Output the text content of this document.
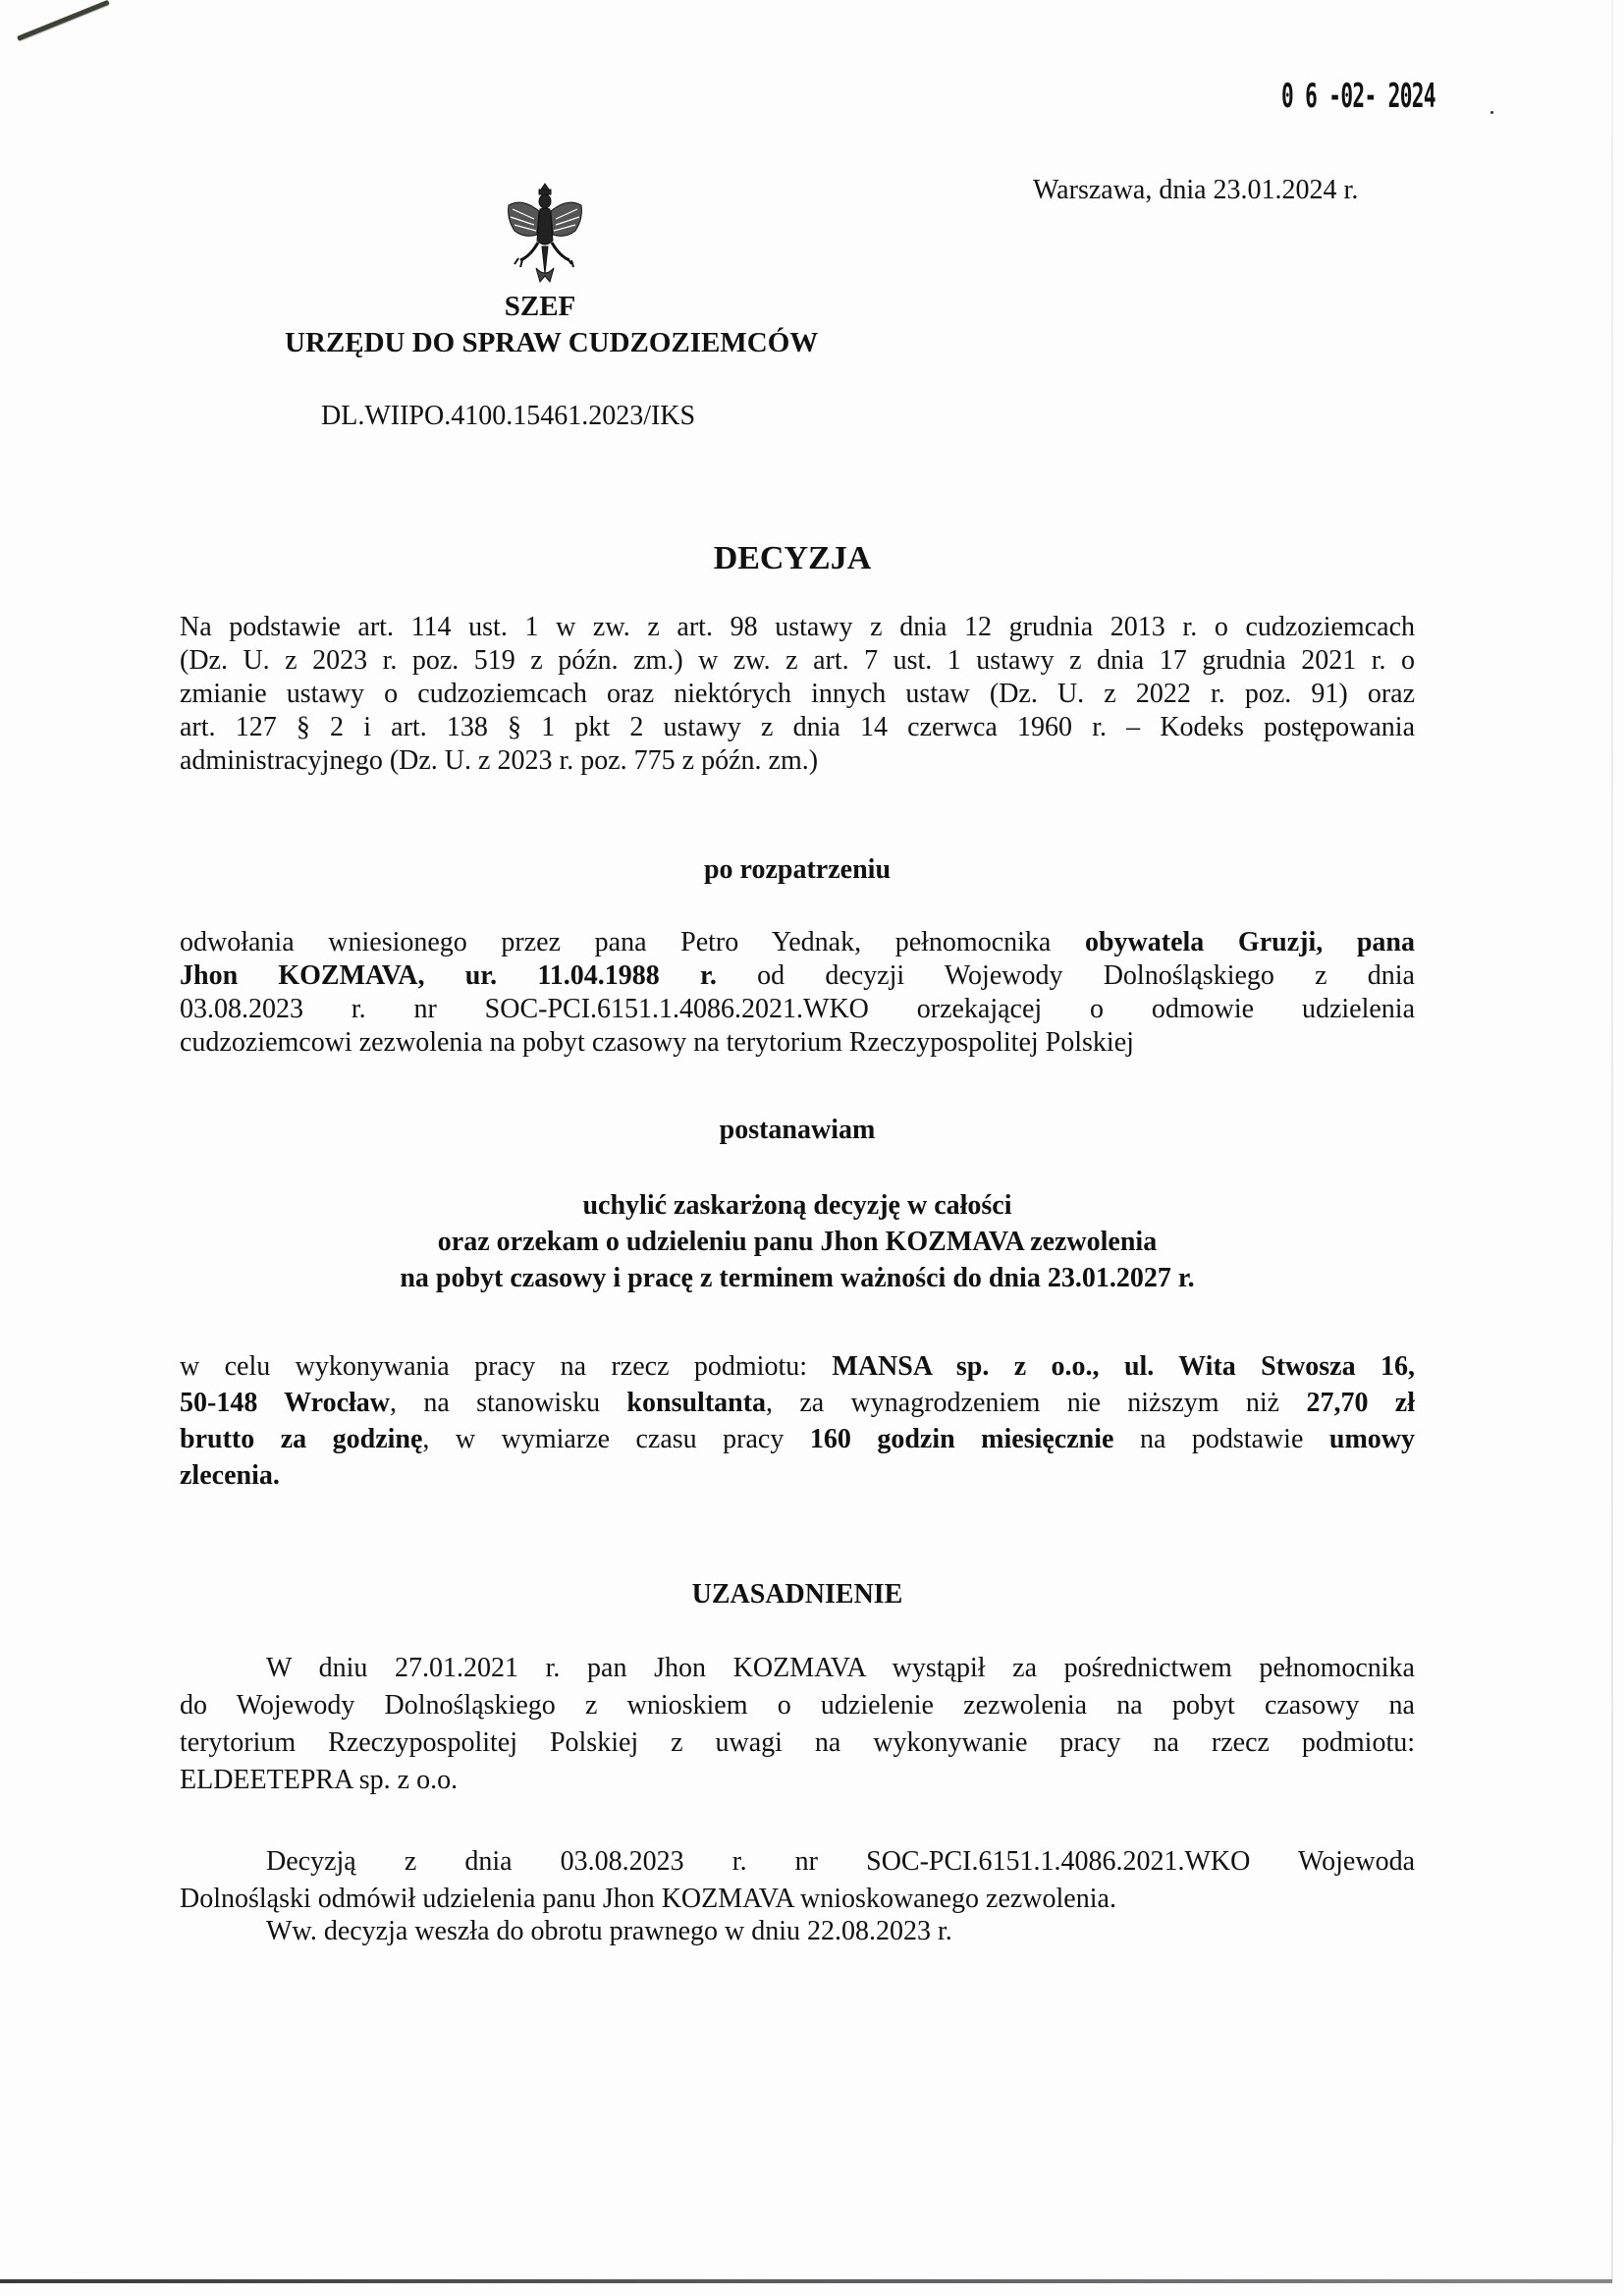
0 6 -02- 2024
Warszawa, dnia 23.01.2024 r.
SZEF
URZĘDU DO SPRAW CUDZOZIEMCÓW
DL.WIIPO.4100.15461.2023/IKS
DECYZJA
Na podstawie art. 114 ust. 1 w zw. z art. 98 ustawy z dnia 12 grudnia 2013 r. o cudzoziemcach
(Dz. U. z 2023 r. poz. 519 z późn. zm.) w zw. z art. 7 ust. 1 ustawy z dnia 17 grudnia 2021 r. o
zmianie ustawy o cudzoziemcach oraz niektórych innych ustaw (Dz. U. z 2022 r. poz. 91) oraz
art. 127 § 2 i art. 138 § 1 pkt 2 ustawy z dnia 14 czerwca 1960 r. – Kodeks postępowania
administracyjnego (Dz. U. z 2023 r. poz. 775 z późn. zm.)
po rozpatrzeniu
odwołania wniesionego przez pana Petro Yednak, pełnomocnika obywatela Gruzji, pana
Jhon KOZMAVA, ur. 11.04.1988 r. od decyzji Wojewody Dolnośląskiego z dnia
03.08.2023 r. nr SOC-PCI.6151.1.4086.2021.WKO orzekającej o odmowie udzielenia
cudzoziemcowi zezwolenia na pobyt czasowy na terytorium Rzeczypospolitej Polskiej
postanawiam
uchylić zaskarżoną decyzję w całości
oraz orzekam o udzieleniu panu Jhon KOZMAVA zezwolenia
na pobyt czasowy i pracę z terminem ważności do dnia 23.01.2027 r.
w celu wykonywania pracy na rzecz podmiotu: MANSA sp. z o.o., ul. Wita Stwosza 16,
50-148 Wrocław, na stanowisku konsultanta, za wynagrodzeniem nie niższym niż 27,70 zł
brutto za godzinę, w wymiarze czasu pracy 160 godzin miesięcznie na podstawie umowy
zlecenia.
UZASADNIENIE
W dniu 27.01.2021 r. pan Jhon KOZMAVA wystąpił za pośrednictwem pełnomocnika
do Wojewody Dolnośląskiego z wnioskiem o udzielenie zezwolenia na pobyt czasowy na
terytorium Rzeczypospolitej Polskiej z uwagi na wykonywanie pracy na rzecz podmiotu:
ELDEETEPRA sp. z o.o.
Decyzją z dnia 03.08.2023 r. nr SOC-PCI.6151.1.4086.2021.WKO Wojewoda
Dolnośląski odmówił udzielenia panu Jhon KOZMAVA wnioskowanego zezwolenia.
Ww. decyzja weszła do obrotu prawnego w dniu 22.08.2023 r.
